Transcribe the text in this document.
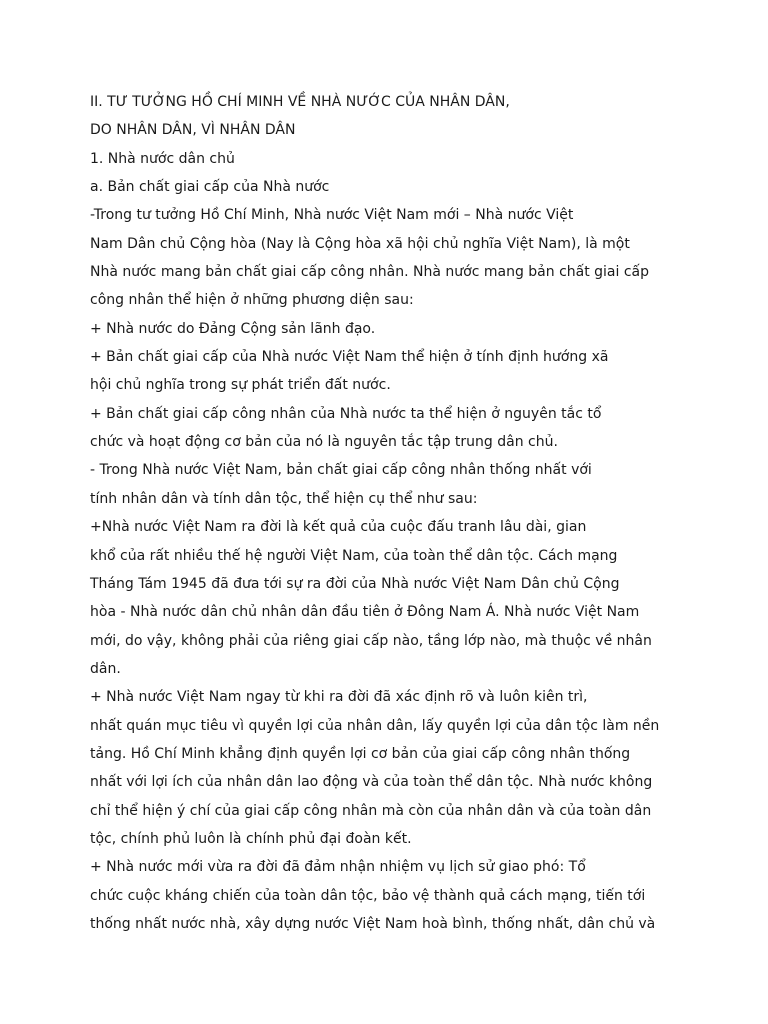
II. TƯ TƯỞNG HỒ CHÍ MINH VỀ NHÀ NƯỚC CỦA NHÂN DÂN,
DO NHÂN DÂN, VÌ NHÂN DÂN
1. Nhà nước dân chủ
a. Bản chất giai cấp của Nhà nước
-Trong tư tưởng Hồ Chí Minh, Nhà nước Việt Nam mới – Nhà nước Việt
Nam Dân chủ Cộng hòa (Nay là Cộng hòa xã hội chủ nghĩa Việt Nam), là một
Nhà nước mang bản chất giai cấp công nhân. Nhà nước mang bản chất giai cấp
công nhân thể hiện ở những phương diện sau:
+ Nhà nước do Đảng Cộng sản lãnh đạo.
+ Bản chất giai cấp của Nhà nước Việt Nam thể hiện ở tính định hướng xã
hội chủ nghĩa trong sự phát triển đất nước.
+ Bản chất giai cấp công nhân của Nhà nước ta thể hiện ở nguyên tắc tổ
chức và hoạt động cơ bản của nó là nguyên tắc tập trung dân chủ.
- Trong Nhà nước Việt Nam, bản chất giai cấp công nhân thống nhất với
tính nhân dân và tính dân tộc, thể hiện cụ thể như sau:
+Nhà nước Việt Nam ra đời là kết quả của cuộc đấu tranh lâu dài, gian
khổ của rất nhiều thế hệ người Việt Nam, của toàn thể dân tộc. Cách mạng
Tháng Tám 1945 đã đưa tới sự ra đời của Nhà nước Việt Nam Dân chủ Cộng
hòa - Nhà nước dân chủ nhân dân đầu tiên ở Đông Nam Á. Nhà nước Việt Nam
mới, do vậy, không phải của riêng giai cấp nào, tầng lớp nào, mà thuộc về nhân
dân.
+ Nhà nước Việt Nam ngay từ khi ra đời đã xác định rõ và luôn kiên trì,
nhất quán mục tiêu vì quyền lợi của nhân dân, lấy quyền lợi của dân tộc làm nền
tảng. Hồ Chí Minh khẳng định quyền lợi cơ bản của giai cấp công nhân thống
nhất với lợi ích của nhân dân lao động và của toàn thể dân tộc. Nhà nước không
chỉ thể hiện ý chí của giai cấp công nhân mà còn của nhân dân và của toàn dân
tộc, chính phủ luôn là chính phủ đại đoàn kết.
+ Nhà nước mới vừa ra đời đã đảm nhận nhiệm vụ lịch sử giao phó: Tổ
chức cuộc kháng chiến của toàn dân tộc, bảo vệ thành quả cách mạng, tiến tới
thống nhất nước nhà, xây dựng nước Việt Nam hoà bình, thống nhất, dân chủ và
